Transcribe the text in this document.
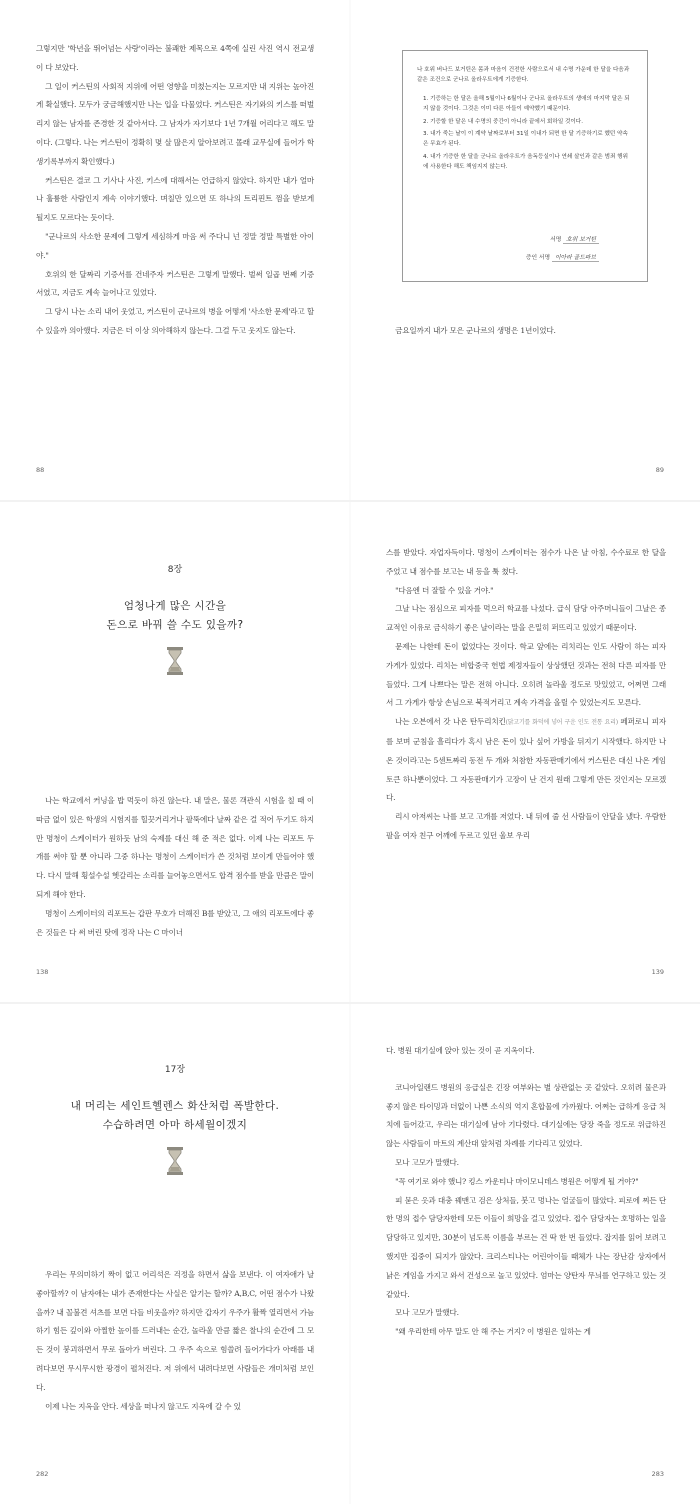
그렇지만 '학년을 뛰어넘는 사랑'이라는 불쾌한 제목으로 4쪽에 실린 사진 역시 전교생이 다 보았다.

그 일이 커스틴의 사회적 지위에 어떤 영향을 미쳤는지는 모르지만 내 지위는 높아진 게 확실했다. 모두가 궁금해했지만 나는 입을 다물었다. 커스틴은 자기와의 키스를 떠벌리지 않는 남자를 존경한 것 같아서다. 그 남자가 자기보다 1년 7개월 어리다고 해도 말이다. (그렇다. 나는 커스틴이 정확히 몇 살 많은지 알아보려고 몰래 교무실에 들어가 학생기록부까지 확인했다.)

커스틴은 결코 그 기사나 사진, 키스에 대해서는 언급하지 않았다. 하지만 내가 얼마나 훌륭한 사람인지 계속 이야기했다. 며칠만 있으면 또 하나의 트리핀트 껌을 받보게 될지도 모르다는 듯이다.

"군나르의 사소한 문제에 그렇게 세심하게 마음 써 주다니 넌 정말 정말 특별한 아이야."

호위의 한 달짜리 기증서를 건네주자 커스틴은 그렇게 말했다. 벌써 일곱 번째 기증서였고, 지금도 계속 늘어나고 있었다.

그 당시 나는 소리 내어 웃었고, 커스틴이 군나르의 병을 어떻게 '사소한 문제'라고 할 수 있을까 의아했다. 지금은 더 이상 의아해하지 않는다. 그걸 두고 웃지도 않는다.

88
나 호위 버나드 보거틴은 몸과 마음이 건전한 사람으로서 내 수명 가운데 한 달을 다음과 같은 조건으로 군나르 올라우트에게 기증한다.
1. 기증하는 한 달은 올해 5월이나 6월이나 군나르 올라우트의 생애의 마지막 달은 되지 않을 것이다. 그것은 이미 다른 아들이 예약했기 때문이다.
2. 기증할 한 달은 내 수명의 중간이 아니라 끝에서 회하일 것이다.
3. 내가 죽는 날이 이 계약 날짜로부터 31일 이내가 되면 한 달 기증하기로 했던 약속은 무효가 된다.
4. 내가 기증한 한 달을 군나르 올라우트가 음독등실이나 연쇄 살인과 같은 범죄 행위에 사용한다 해도 책임지지 않는다.
서명 호위 보거틴
증인 서명 이아라 골드파브

금요일까지 내가 모은 군나르의 생명은 1년이었다.

89
8장
엄청나게 많은 시간을
돈으로 바꿔 쓸 수도 있을까?

나는 학교에서 커닝을 밥 먹듯이 하진 않는다. 내 말은, 물론 객관식 시험을 칠 때 이따금 없이 있은 학생의 시험지를 힐끗거리거나 팔뚝에다 날짜 같은 걸 적어 두기도 하지만 명청이 스케이터가 원하듯 남의 숙제를 대신 해 준 적은 없다. 이제 나는 리포트 두 개를 써야 할 뿐 아니라 그중 하나는 명청이 스케이터가 쓴 것처럼 보이게 만들어야 했다. 다시 말해 횡설수설 헷갈리는 소리를 늘어놓으면서도 합격 점수를 받을 만큼은 말이 되게 해야 한다.

명청이 스케이터의 리포트는 갑판 무호가 더해진 B를 받았고, 그 애의 리포트에다 좋은 것들은 다 써 버린 탓에 정작 나는 C 마이너

138

스를 받았다. 자업자득이다. 명청이 스케이터는 점수가 나온 날 아침, 수수료로 한 달을 주었고 내 점수를 보고는 내 등을 툭 쳤다.

"다음엔 더 잘할 수 있을 거야."

그날 나는 점심으로 피자를 먹으러 학교를 나섰다. 급식 담당 아주머니들이 그날은 종교적인 이유로 금식하기 좋은 날이라는 말을 은밀히 퍼뜨리고 있었기 때문이다.

문제는 나한테 돈이 없었다는 것이다. 학교 앞에는 리치리는 인도 사람이 하는 피자 가게가 있었다. 리치는 비합중국 헌법 제정자들이 상상했던 것과는 전혀 다른 피자를 만들었다. 그게 나쁘다는 말은 전혀 아니다. 오히려 놀라울 정도로 맛있었고, 어쩌면 그래서 그 가게가 항상 손님으로 북적거리고 계속 가격을 올릴 수 있었는지도 모른다.

나는 오븐에서 갓 나온 탄두리치킨(닭고기를 화덕에 넣어 구운 인도 전통 요리) 페퍼로니 피자를 보며 군침을 흘리다가 혹시 남은 돈이 있나 싶어 가방을 뒤지기 시작했다. 하지만 나온 것이라고는 5센트짜리 동전 두 개와 처참한 자동판매기에서 커스틴은 대신 나온 게임 토큰 하나뿐이었다. 그 자동판매기가 고장이 난 건지 원래 그렇게 만든 것인지는 모르겠다.

리시 아저씨는 나를 보고 고개를 저었다. 내 뒤에 줄 선 사람들이 안달을 냈다. 우람한 팔을 여자 친구 어깨에 두르고 있던 울보 우리

139
17장
내 머리는 세인트헬렌스 화산처럼 폭발한다.
수습하려면 아마 하세월이겠지

우리는 무의미하기 짝이 없고 어리석은 걱정을 하면서 삶을 보낸다. 이 여자애가 날 좋아할까? 이 남자애는 내가 존재한다는 사실은 알기는 할까? A,B,C, 어떤 점수가 나왔을까? 내 꼴불견 셔츠를 보면 다들 비웃을까? 하지만 갑자기 우주가 활짝 열리면서 가늠하기 힘든 깊이와 아찔한 높이를 드러내는 순간, 놀라울 만큼 짧은 찰나의 순간에 그 모든 것이 붕괴하면서 무로 돌아가 버린다. 그 우주 속으로 힘쓸려 들어가다가 아래를 내려다보면 무시무시한 광경이 펼쳐진다. 저 위에서 내려다보면 사람들은 개미처럼 보인다.

이제 나는 지옥을 안다. 세상을 떠나지 않고도 지옥에 갈 수 있

282

다. 병원 대기실에 앉아 있는 것이 곧 지옥이다.

코니아일랜드 병원의 응급실은 긴장 여부와는 별 상관없는 곳 같았다. 오히려 물은과 좋지 않은 타이밍과 더없이 나쁜 소식의 억지 혼합물에 가까웠다. 어쩌는 급하게 응급 처치에 들어갔고, 우리는 대기실에 남아 기다렸다. 대기실에는 당장 죽을 정도로 위급하진 않는 사람들이 마트의 계산대 앞처럼 차례를 기다리고 있었다.

모나 고모가 말했다.

"꼭 여기로 와야 했니? 킹스 카운티나 마이모니데스 병원은 어떻게 될 거야?"

피 묻은 옷과 대충 꿰맨고 검은 상처들, 붓고 멍나는 얼굴들이 많았다. 피로에 찌든 단 한 명의 접수 담당자한테 모든 이들이 희망을 걸고 있었다. 접수 담당자는 호명하는 일을 담당하고 있지만, 30분이 넘도록 이름을 부르는 건 딱 한 번 들었다. 잡지를 읽어 보려고 했지만 집중이 되지가 않았다. 크리스티나는 어린아이들 때체가 나는 장난감 상자에서 낡은 게임을 가지고 와서 건성으로 놀고 있었다. 엄마는 양탄자 무늬를 연구하고 있는 것 같았다.

모나 고모가 말했다.

"왜 우리한테 아무 말도 안 해 주는 거지? 이 병원은 일하는 게

283
